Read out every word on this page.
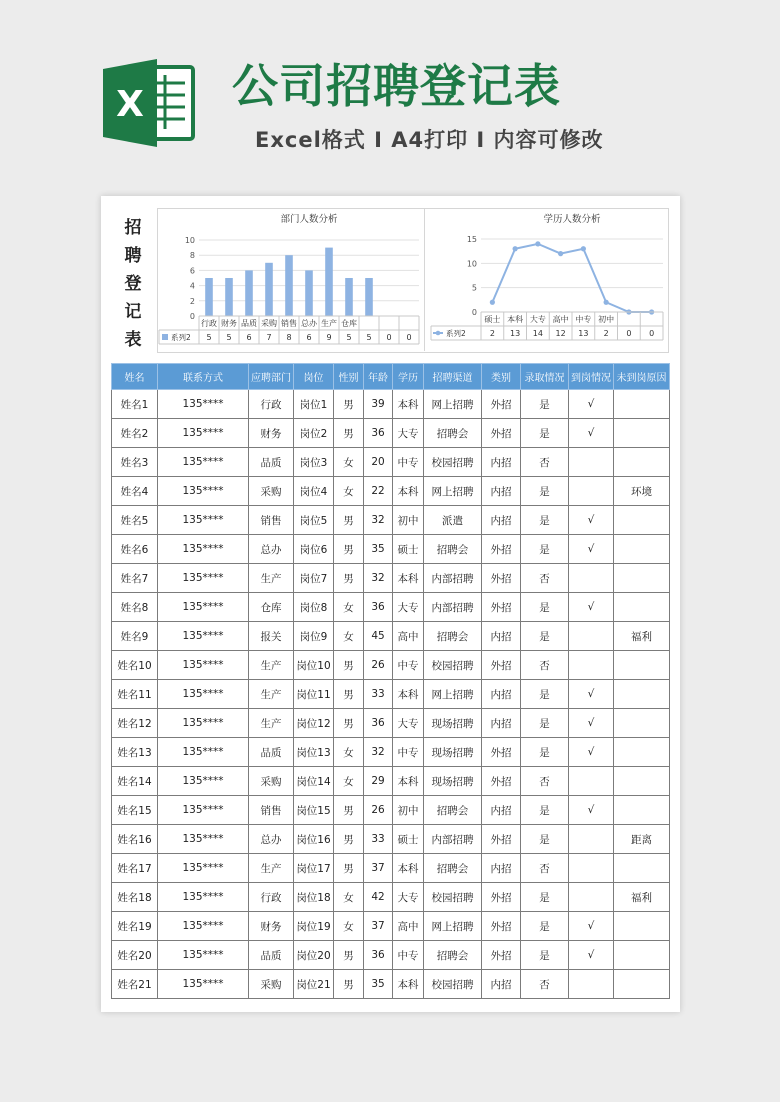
X 公司招聘登记表
Excel格式 I A4打印 I 内容可修改
招聘登记表
部门人数分析
0
2
4
6
8
10
行政 财务 品质 采购 销售 总办 生产 仓库
5 5 6 7 8 6 9 5 5 0 0
系列2
学历人数分析
0
5
10
15
硕士 本科 大专 高中 中专 初中
2 13 14 12 13 2 0 0
系列2
姓名	联系方式	应聘部门	岗位	性别	年龄	学历	招聘渠道	类别	录取情况	到岗情况	未到岗原因
姓名1	135****	行政	岗位1	男	39	本科	网上招聘	外招	是	√	
姓名2	135****	财务	岗位2	男	36	大专	招聘会	外招	是	√	
姓名3	135****	品质	岗位3	女	20	中专	校园招聘	内招	否		
姓名4	135****	采购	岗位4	女	22	本科	网上招聘	内招	是		环境
姓名5	135****	销售	岗位5	男	32	初中	派遣	内招	是	√	
姓名6	135****	总办	岗位6	男	35	硕士	招聘会	外招	是	√	
姓名7	135****	生产	岗位7	男	32	本科	内部招聘	外招	否		
姓名8	135****	仓库	岗位8	女	36	大专	内部招聘	外招	是	√	
姓名9	135****	报关	岗位9	女	45	高中	招聘会	内招	是		福利
姓名10	135****	生产	岗位10	男	26	中专	校园招聘	外招	否		
姓名11	135****	生产	岗位11	男	33	本科	网上招聘	内招	是	√	
姓名12	135****	生产	岗位12	男	36	大专	现场招聘	内招	是	√	
姓名13	135****	品质	岗位13	女	32	中专	现场招聘	外招	是	√	
姓名14	135****	采购	岗位14	女	29	本科	现场招聘	外招	否		
姓名15	135****	销售	岗位15	男	26	初中	招聘会	内招	是	√	
姓名16	135****	总办	岗位16	男	33	硕士	内部招聘	外招	是		距离
姓名17	135****	生产	岗位17	男	37	本科	招聘会	内招	否		
姓名18	135****	行政	岗位18	女	42	大专	校园招聘	外招	是		福利
姓名19	135****	财务	岗位19	女	37	高中	网上招聘	外招	是	√	
姓名20	135****	品质	岗位20	男	36	中专	招聘会	外招	是	√	
姓名21	135****	采购	岗位21	男	35	本科	校园招聘	内招	否		
